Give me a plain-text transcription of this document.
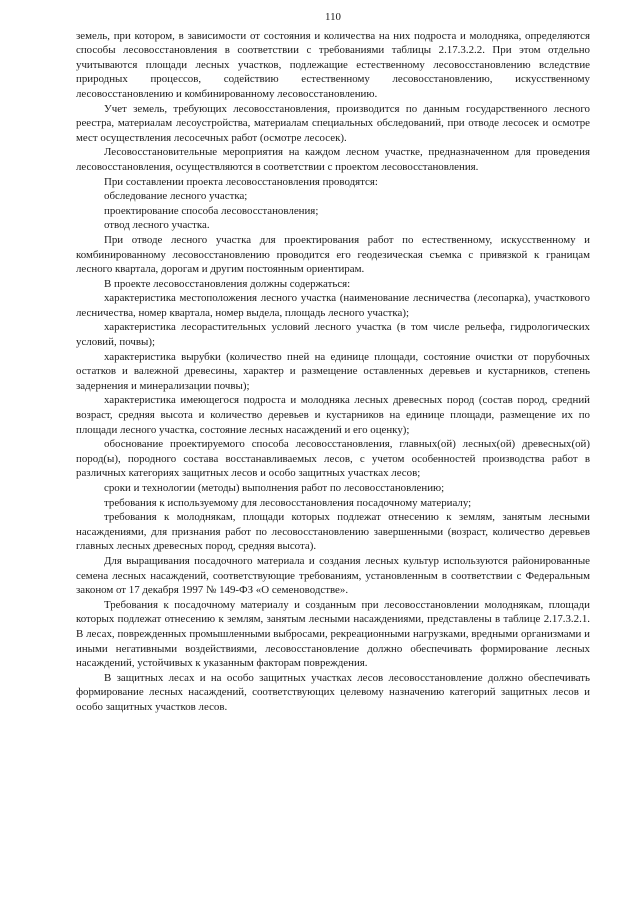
110

земель, при котором, в зависимости от состояния и количества на них подроста и молодняка, определяются способы лесовосстановления в соответствии с требованиями таблицы 2.17.3.2.2. При этом отдельно учитываются площади лесных участков, подлежащие естественному лесовосстановлению вследствие природных процессов, содействию естественному лесовосстановлению, искусственному лесовосстановлению и комбинированному лесовосстановлению.

Учет земель, требующих лесовосстановления, производится по данным государственного лесного реестра, материалам лесоустройства, материалам специальных обследований, при отводе лесосек и осмотре мест осуществления лесосечных работ (осмотре лесосек).

Лесовосстановительные мероприятия на каждом лесном участке, предназначенном для проведения лесовосстановления, осуществляются в соответствии с проектом лесовосстановления.

При составлении проекта лесовосстановления проводятся:

обследование лесного участка;

проектирование способа лесовосстановления;

отвод лесного участка.

При отводе лесного участка для проектирования работ по естественному, искусственному и комбинированному лесовосстановлению проводится его геодезическая съемка с привязкой к границам лесного квартала, дорогам и другим постоянным ориентирам.

В проекте лесовосстановления должны содержаться:

характеристика местоположения лесного участка (наименование лесничества (лесопарка), участкового лесничества, номер квартала, номер выдела, площадь лесного участка);

характеристика лесорастительных условий лесного участка (в том числе рельефа, гидрологических условий, почвы);

характеристика вырубки (количество пней на единице площади, состояние очистки от порубочных остатков и валежной древесины, характер и размещение оставленных деревьев и кустарников, степень задернения и минерализации почвы);

характеристика имеющегося подроста и молодняка лесных древесных пород (состав пород, средний возраст, средняя высота и количество деревьев и кустарников на единице площади, размещение их по площади лесного участка, состояние лесных насаждений и его оценку);

обоснование проектируемого способа лесовосстановления, главных(ой) лесных(ой) древесных(ой) пород(ы), породного состава восстанавливаемых лесов, с учетом особенностей производства работ в различных категориях защитных лесов и особо защитных участках лесов;

сроки и технологии (методы) выполнения работ по лесовосстановлению;

требования к используемому для лесовосстановления посадочному материалу;

требования к молоднякам, площади которых подлежат отнесению к землям, занятым лесными насаждениями, для признания работ по лесовосстановлению завершенными (возраст, количество деревьев главных лесных древесных пород, средняя высота).

Для выращивания посадочного материала и создания лесных культур используются районированные семена лесных насаждений, соответствующие требованиям, установленным в соответствии с Федеральным законом от 17 декабря 1997 № 149-ФЗ «О семеноводстве».

Требования к посадочному материалу и созданным при лесовосстановлении молоднякам, площади которых подлежат отнесению к землям, занятым лесными насаждениями, представлены в таблице 2.17.3.2.1. В лесах, поврежденных промышленными выбросами, рекреационными нагрузками, вредными организмами и иными негативными воздействиями, лесовосстановление должно обеспечивать формирование лесных насаждений, устойчивых к указанным факторам повреждения.

В защитных лесах и на особо защитных участках лесов лесовосстановление должно обеспечивать формирование лесных насаждений, соответствующих целевому назначению категорий защитных лесов и особо защитных участков лесов.
